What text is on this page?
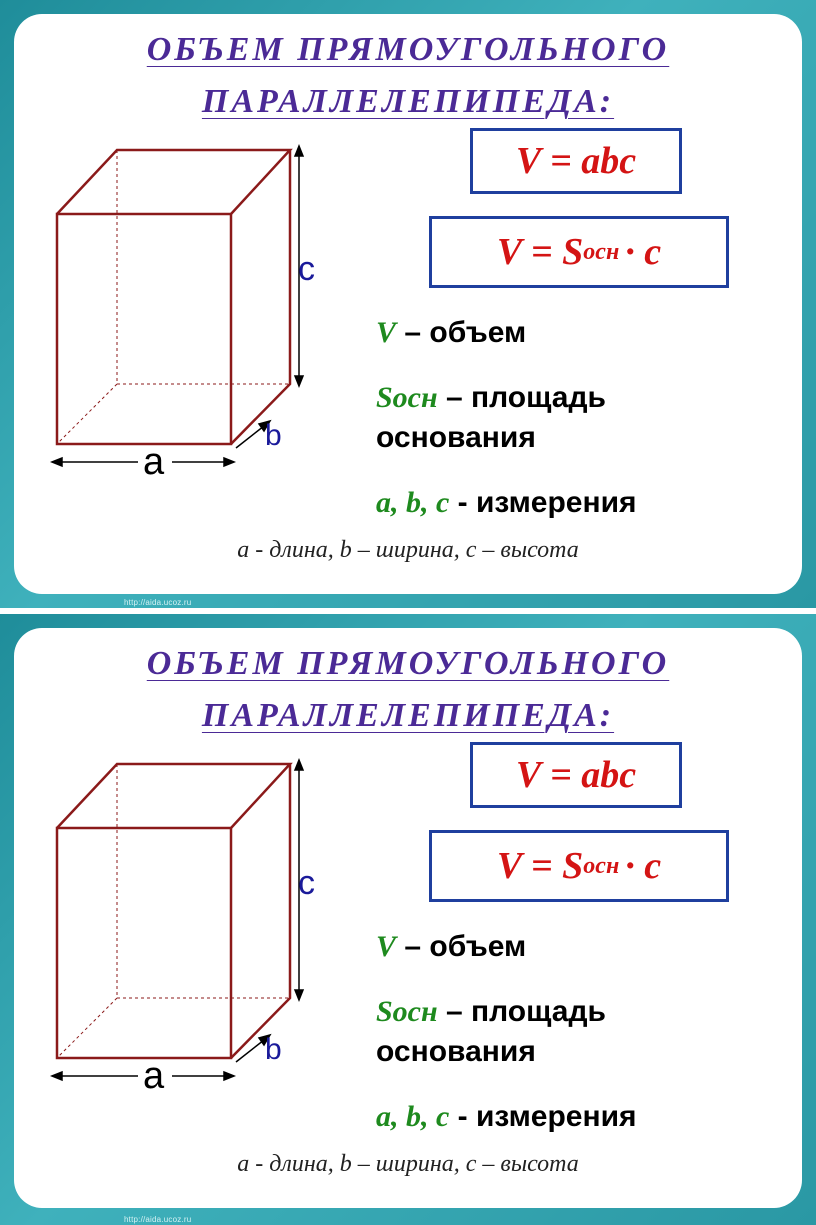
ОБЪЕМ ПРЯМОУГОЛЬНОГО
ПАРАЛЛЕЛЕПИПЕДА:
c
b
a
V = abc
V = S осн · c
V – объем
Sосн – площадь
основания
a, b, c - измерения
a - длина, b – ширина, c – высота
http://aida.ucoz.ru
ОБЪЕМ ПРЯМОУГОЛЬНОГО
ПАРАЛЛЕЛЕПИПЕДА:
c
b
a
V = abc
V = S осн · c
V – объем
Sосн – площадь
основания
a, b, c - измерения
a - длина, b – ширина, c – высота
http://aida.ucoz.ru
